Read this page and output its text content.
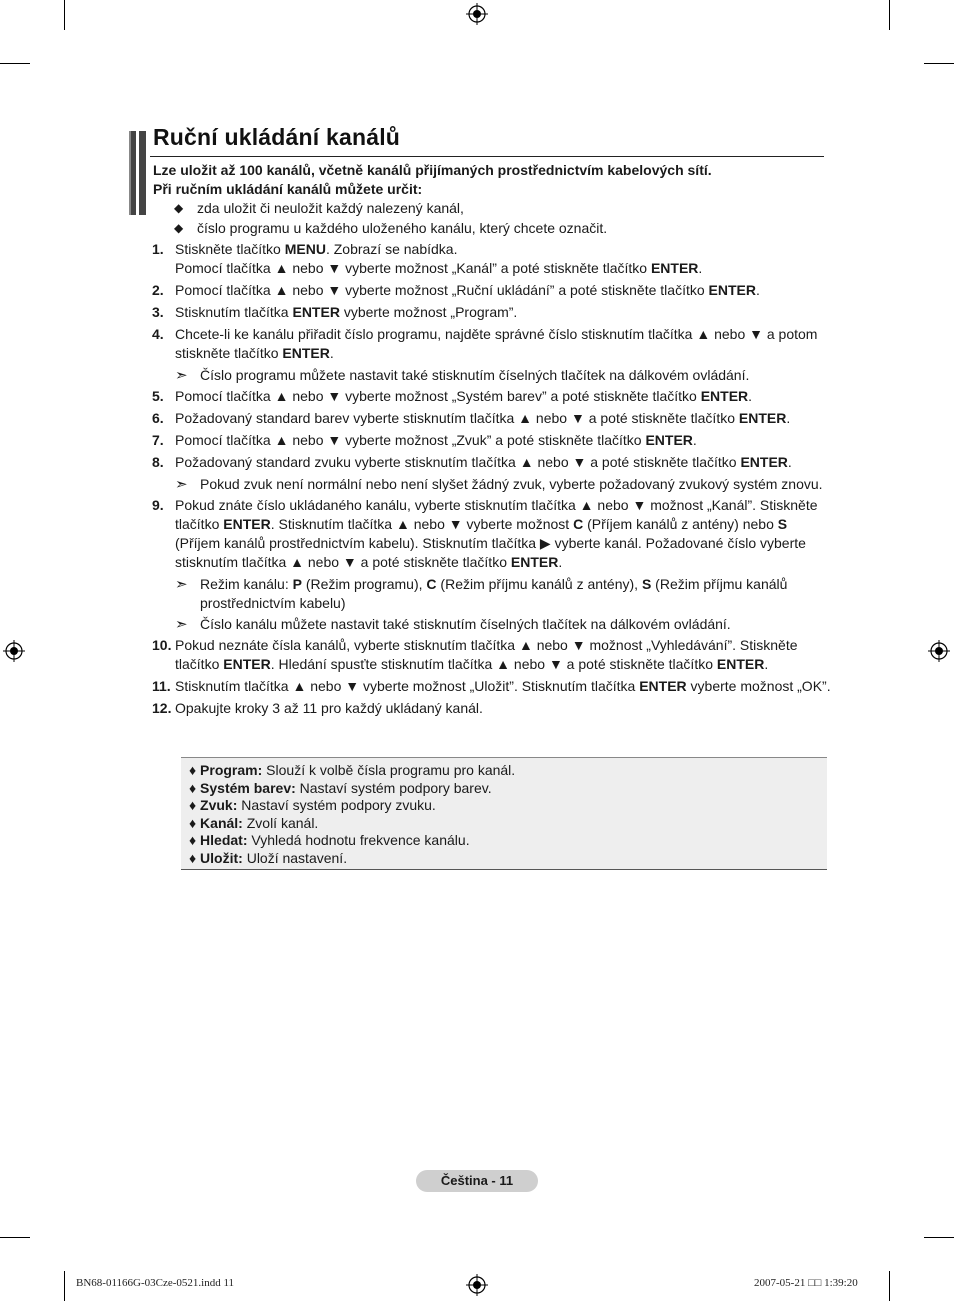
Ruční ukládání kanálů
Lze uložit až 100 kanálů, včetně kanálů přijímaných prostřednictvím kabelových sítí.
Při ručním ukládání kanálů můžete určit:
◆ zda uložit či neuložit každý nalezený kanál,
◆ číslo programu u každého uloženého kanálu, který chcete označit.
1. Stiskněte tlačítko MENU. Zobrazí se nabídka.
Pomocí tlačítka ▲ nebo ▼ vyberte možnost „Kanál” a poté stiskněte tlačítko ENTER.
2. Pomocí tlačítka ▲ nebo ▼ vyberte možnost „Ruční ukládání” a poté stiskněte tlačítko ENTER.
3. Stisknutím tlačítka ENTER vyberte možnost „Program”.
4. Chcete-li ke kanálu přiřadit číslo programu, najděte správné číslo stisknutím tlačítka ▲ nebo ▼ a potom stiskněte tlačítko ENTER.
➣ Číslo programu můžete nastavit také stisknutím číselných tlačítek na dálkovém ovládání.
5. Pomocí tlačítka ▲ nebo ▼ vyberte možnost „Systém barev” a poté stiskněte tlačítko ENTER.
6. Požadovaný standard barev vyberte stisknutím tlačítka ▲ nebo ▼ a poté stiskněte tlačítko ENTER.
7. Pomocí tlačítka ▲ nebo ▼ vyberte možnost „Zvuk” a poté stiskněte tlačítko ENTER.
8. Požadovaný standard zvuku vyberte stisknutím tlačítka ▲ nebo ▼ a poté stiskněte tlačítko ENTER.
➣ Pokud zvuk není normální nebo není slyšet žádný zvuk, vyberte požadovaný zvukový systém znovu.
9. Pokud znáte číslo ukládaného kanálu, vyberte stisknutím tlačítka ▲ nebo ▼ možnost „Kanál”. Stiskněte tlačítko ENTER. Stisknutím tlačítka ▲ nebo ▼ vyberte možnost C (Příjem kanálů z antény) nebo S (Příjem kanálů prostřednictvím kabelu). Stisknutím tlačítka ▶ vyberte kanál. Požadované číslo vyberte stisknutím tlačítka ▲ nebo ▼ a poté stiskněte tlačítko ENTER.
➣ Režim kanálu: P (Režim programu), C (Režim příjmu kanálů z antény), S (Režim příjmu kanálů prostřednictvím kabelu)
➣ Číslo kanálu můžete nastavit také stisknutím číselných tlačítek na dálkovém ovládání.
10. Pokud neznáte čísla kanálů, vyberte stisknutím tlačítka ▲ nebo ▼ možnost „Vyhledávání”. Stiskněte tlačítko ENTER. Hledání spusťte stisknutím tlačítka ▲ nebo ▼ a poté stiskněte tlačítko ENTER.
11. Stisknutím tlačítka ▲ nebo ▼ vyberte možnost „Uložit”. Stisknutím tlačítka ENTER vyberte možnost „OK”.
12. Opakujte kroky 3 až 11 pro každý ukládaný kanál.
♦ Program: Slouží k volbě čísla programu pro kanál.
♦ Systém barev: Nastaví systém podpory barev.
♦ Zvuk: Nastaví systém podpory zvuku.
♦ Kanál: Zvolí kanál.
♦ Hledat: Vyhledá hodnotu frekvence kanálu.
♦ Uložit: Uloží nastavení.
Čeština - 11
BN68-01166G-03Cze-0521.indd 11	2007-05-21 □□ 1:39:20
